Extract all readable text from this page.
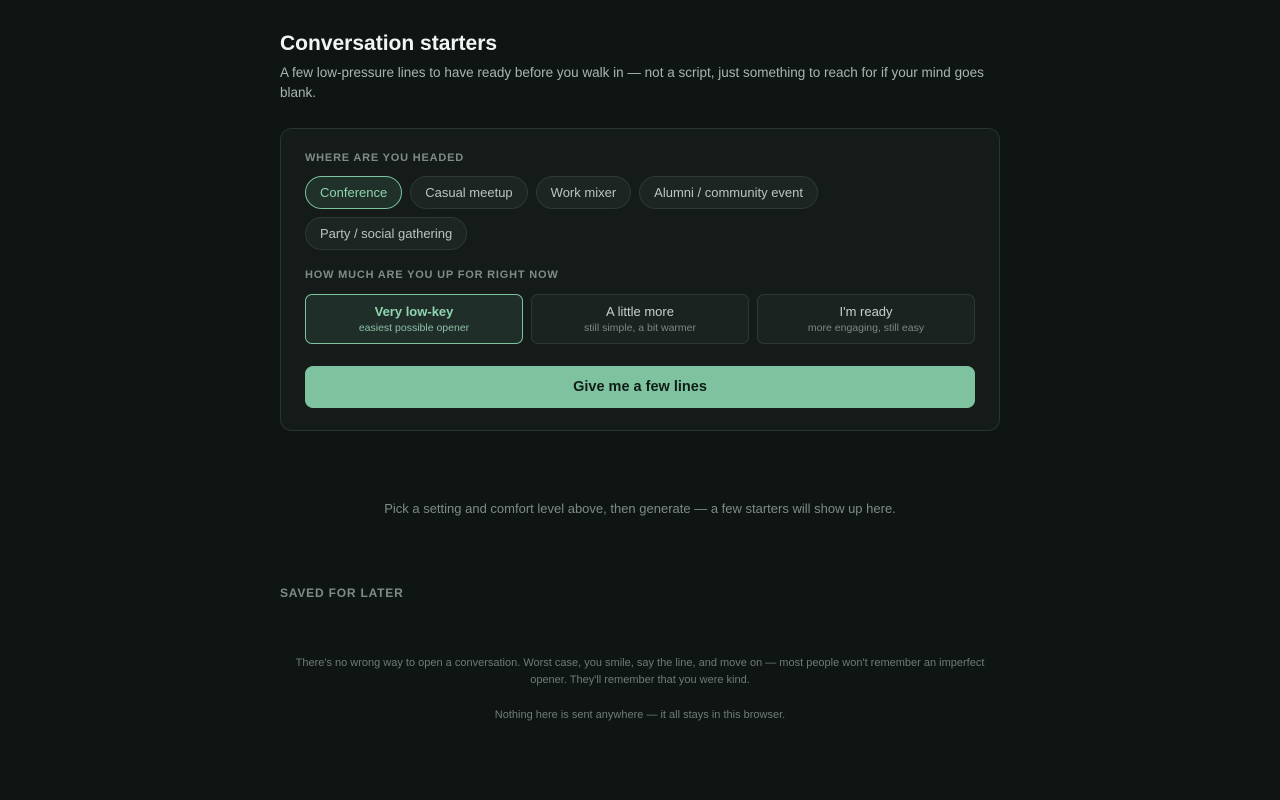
Conversation starters

A few low-pressure lines to have ready before you walk in — not a script, just something to reach for if your mind goes blank.

WHERE ARE YOU HEADED
Conference	Casual meetup	Work mixer	Alumni / community event
Party / social gathering
HOW MUCH ARE YOU UP FOR RIGHT NOW
Very low-key
easiest possible opener
A little more
still simple, a bit warmer
I'm ready
more engaging, still easy
Give me a few lines

Pick a setting and comfort level above, then generate — a few starters will show up here.

SAVED FOR LATER

There's no wrong way to open a conversation. Worst case, you smile, say the line, and move on — most people won't remember an imperfect opener. They'll remember that you were kind.

Nothing here is sent anywhere — it all stays in this browser.
